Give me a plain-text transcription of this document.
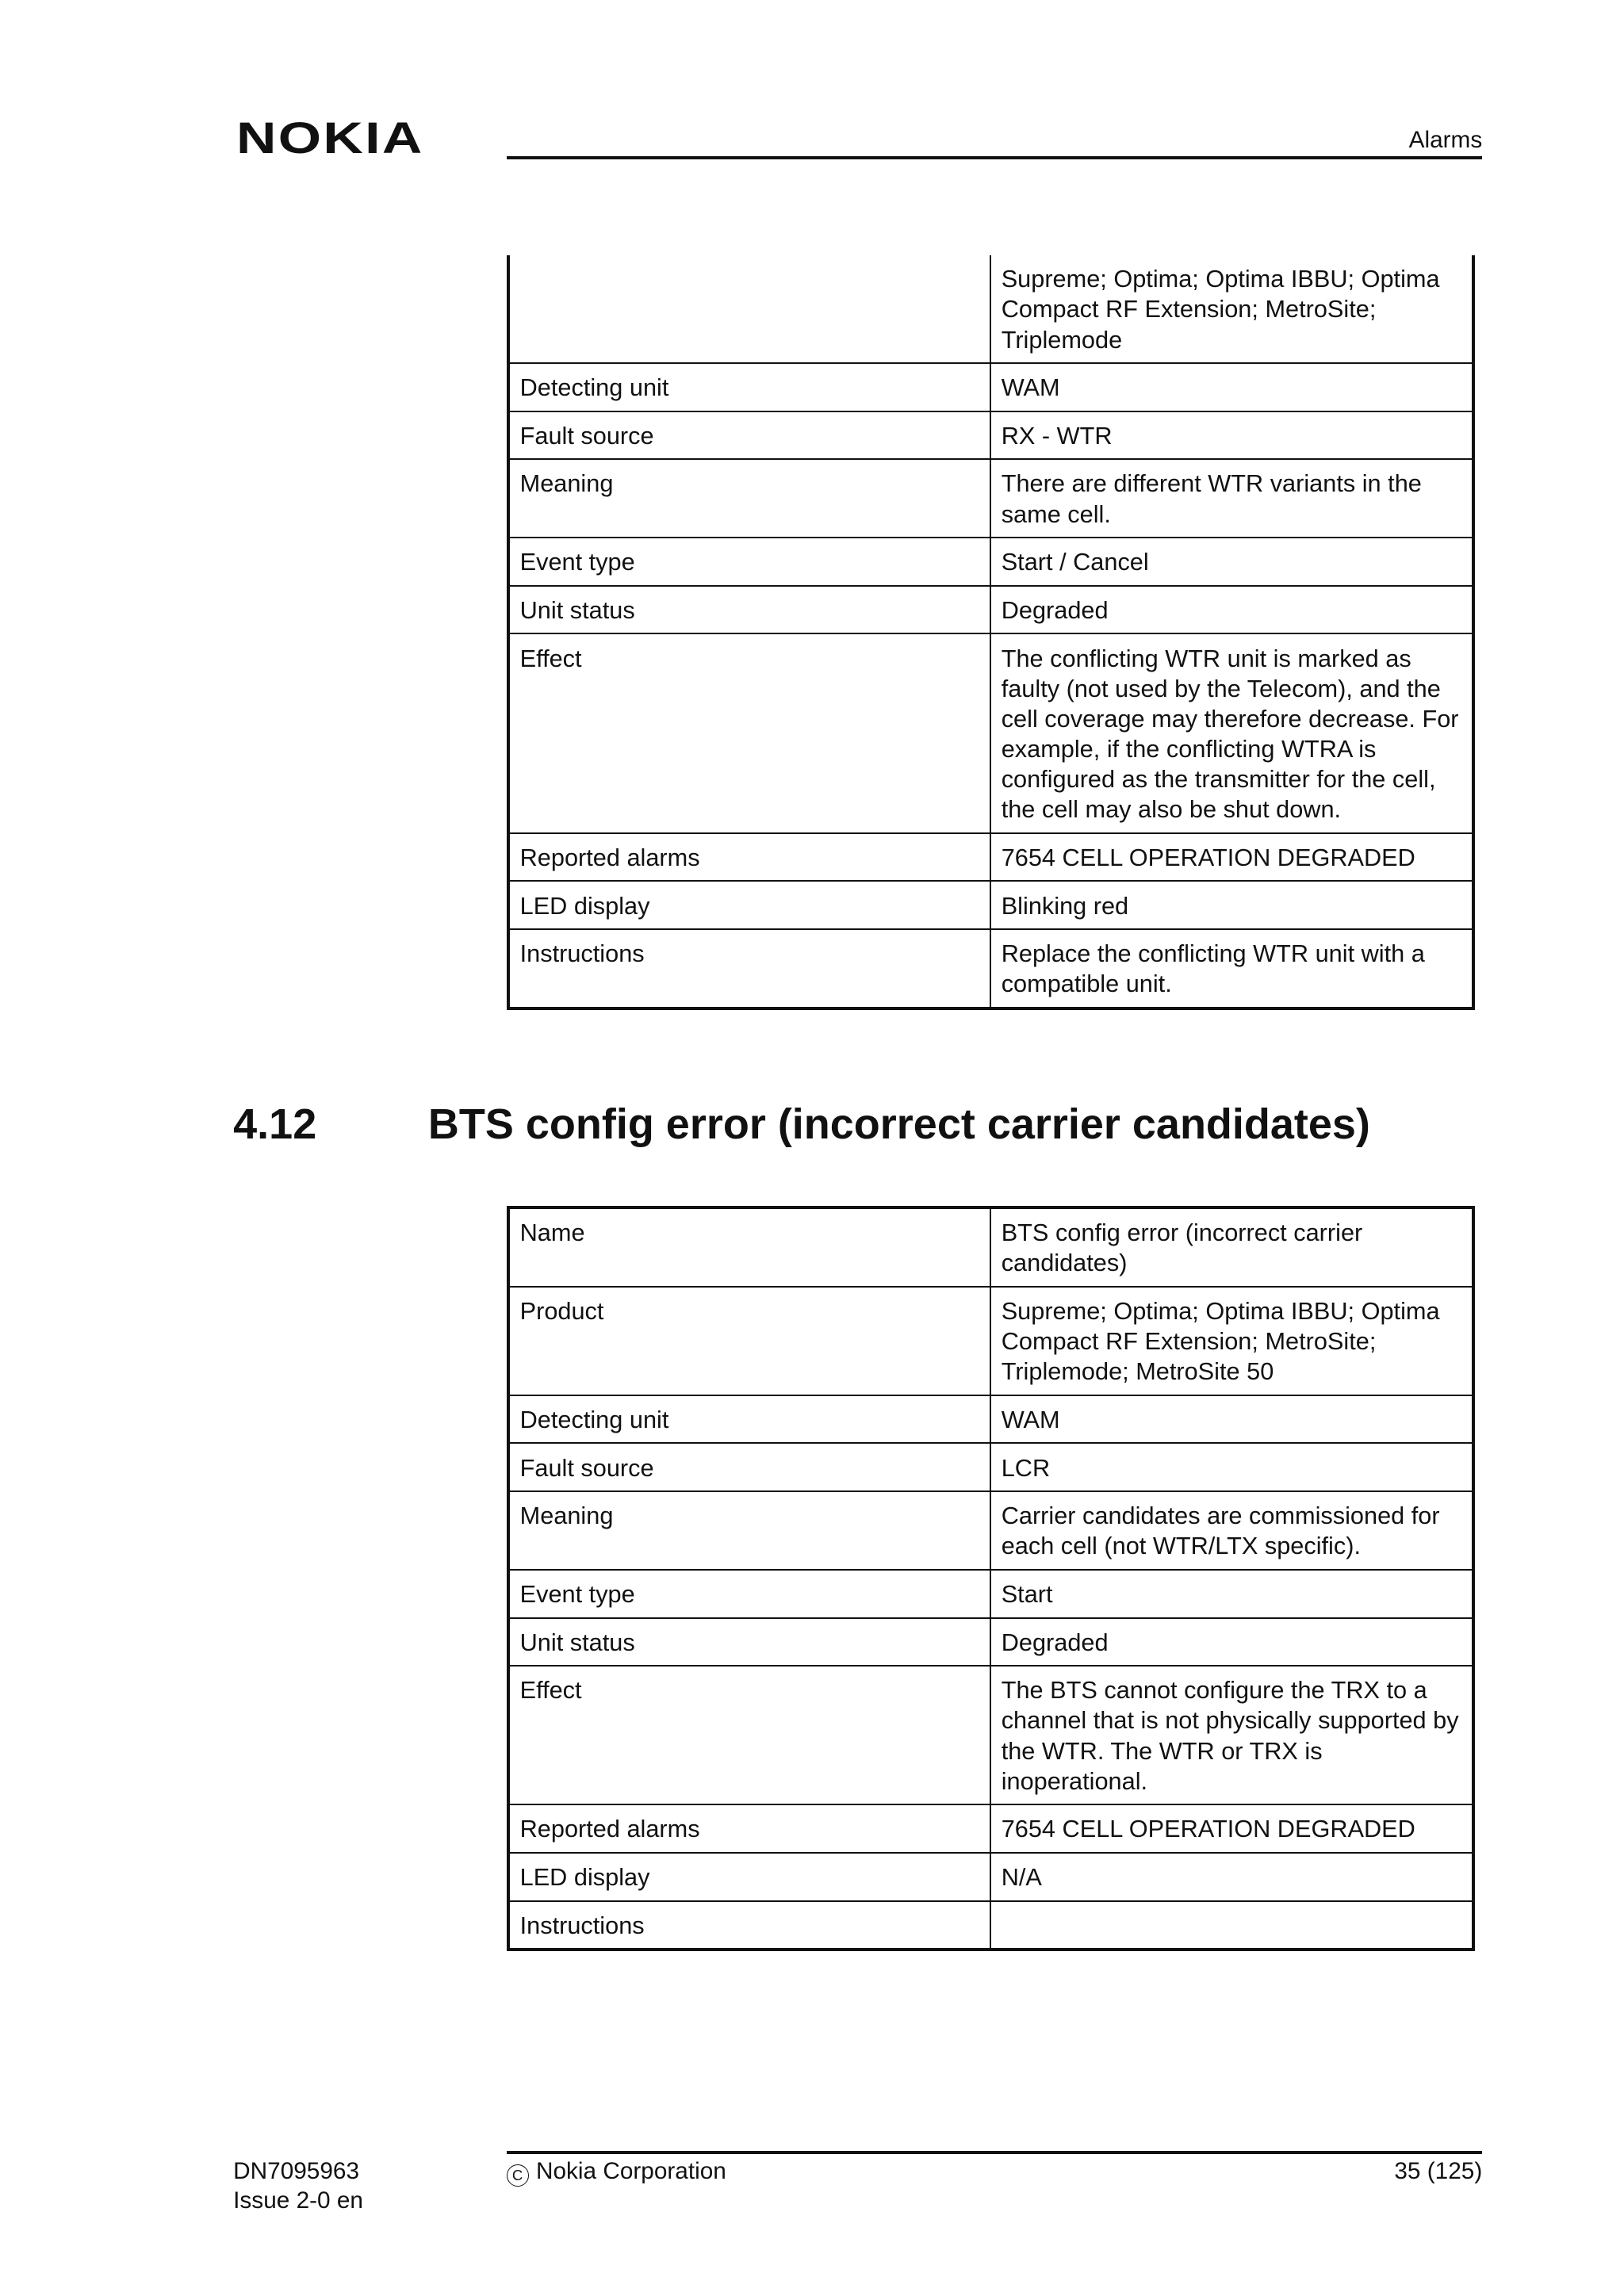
NOKIA	Alarms
	Supreme; Optima; Optima IBBU; Optima Compact RF Extension; MetroSite; Triplemode
Detecting unit	WAM
Fault source	RX - WTR
Meaning	There are different WTR variants in the same cell.
Event type	Start / Cancel
Unit status	Degraded
Effect	The conflicting WTR unit is marked as faulty (not used by the Telecom), and the cell coverage may therefore decrease. For example, if the conflicting WTRA is configured as the transmitter for the cell, the cell may also be shut down.
Reported alarms	7654 CELL OPERATION DEGRADED
LED display	Blinking red
Instructions	Replace the conflicting WTR unit with a compatible unit.
4.12	BTS config error (incorrect carrier candidates)
Name	BTS config error (incorrect carrier candidates)
Product	Supreme; Optima; Optima IBBU; Optima Compact RF Extension; MetroSite; Triplemode; MetroSite 50
Detecting unit	WAM
Fault source	LCR
Meaning	Carrier candidates are commissioned for each cell (not WTR/LTX specific).
Event type	Start
Unit status	Degraded
Effect	The BTS cannot configure the TRX to a channel that is not physically supported by the WTR. The WTR or TRX is inoperational.
Reported alarms	7654 CELL OPERATION DEGRADED
LED display	N/A
Instructions	
DN7095963
Issue 2-0 en
C Nokia Corporation	35 (125)
